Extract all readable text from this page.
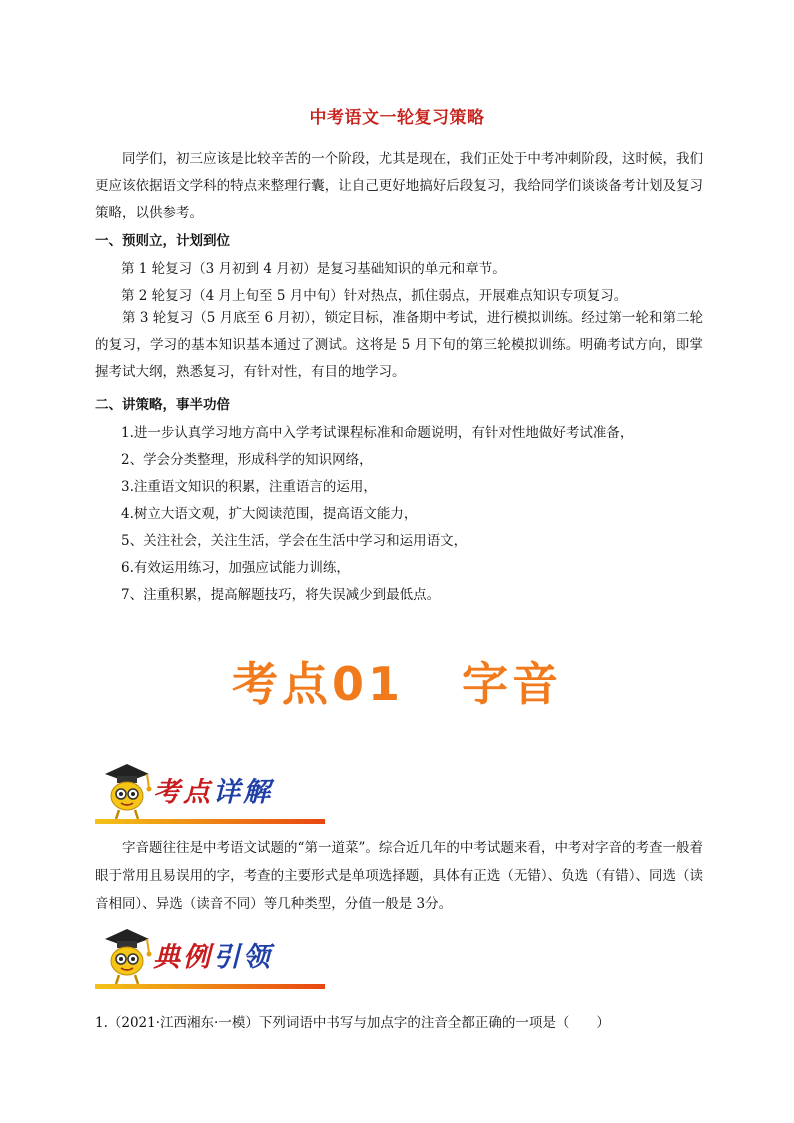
中考语文一轮复习策略
同学们，初三应该是比较辛苦的一个阶段，尤其是现在，我们正处于中考冲刺阶段，这时候，我们更应该依据语文学科的特点来整理行囊，让自己更好地搞好后段复习，我给同学们谈谈备考计划及复习策略，以供参考。
一、预则立，计划到位
第 1 轮复习（3 月初到 4 月初）是复习基础知识的单元和章节。
第 2 轮复习（4 月上旬至 5 月中旬）针对热点，抓住弱点，开展难点知识专项复习。
第 3 轮复习（5 月底至 6 月初），锁定目标，准备期中考试，进行模拟训练。经过第一轮和第二轮的复习，学习的基本知识基本通过了测试。这将是 5 月下旬的第三轮模拟训练。明确考试方向，即掌握考试大纲，熟悉复习，有针对性，有目的地学习。
二、讲策略，事半功倍
1.进一步认真学习地方高中入学考试课程标准和命题说明，有针对性地做好考试准备，
2、学会分类整理，形成科学的知识网络，
3.注重语文知识的积累，注重语言的运用，
4.树立大语文观，扩大阅读范围，提高语文能力，
5、关注社会，关注生活，学会在生活中学习和运用语文，
6.有效运用练习，加强应试能力训练，
7、注重积累，提高解题技巧，将失误减少到最低点。
考点01 字音
考点详解
字音题往往是中考语文试题的“第一道菜”。综合近几年的中考试题来看，中考对字音的考查一般着眼于常用且易误用的字，考查的主要形式是单项选择题，具体有正选（无错）、负选（有错）、同选（读音相同）、异选（读音不同）等几种类型，分值一般是 3分。
典例引领
1.（2021·江西湘东·一模）下列词语中书写与加点字的注音全都正确的一项是（　　）
